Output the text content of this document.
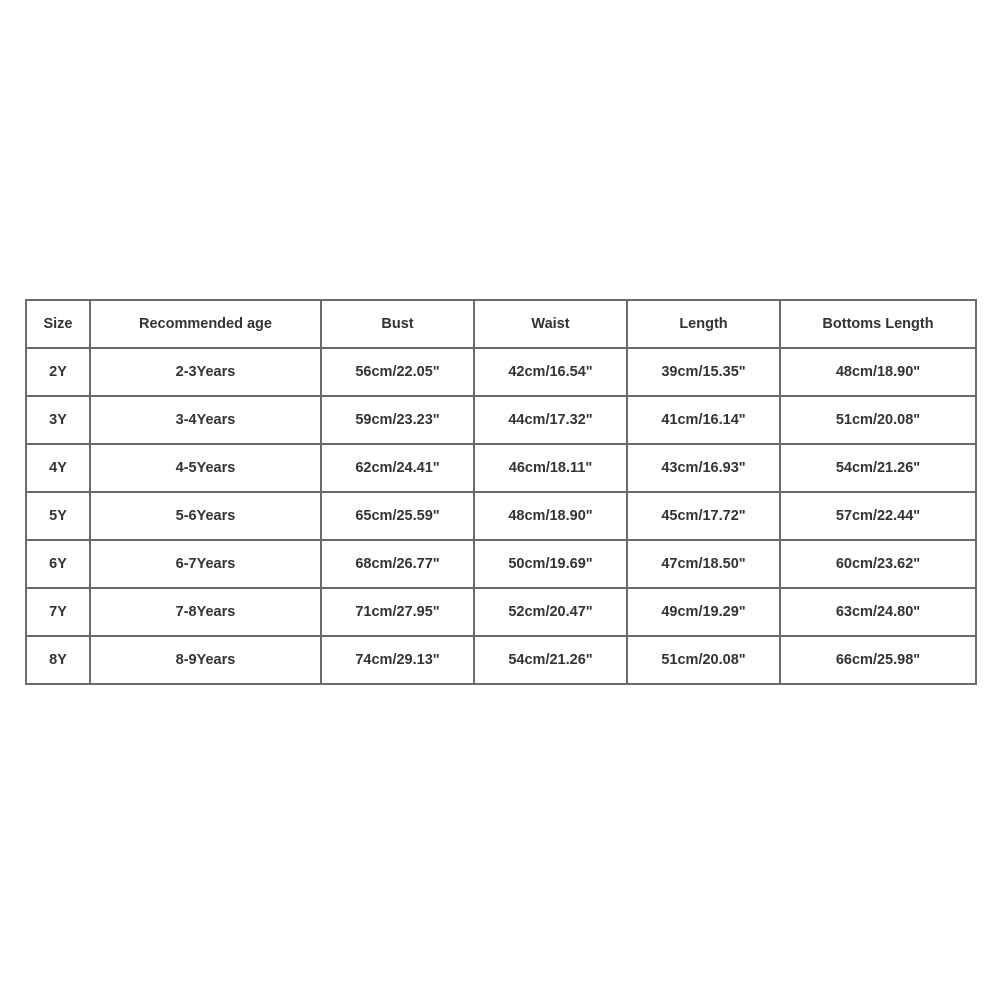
Size	Recommended age	Bust	Waist	Length	Bottoms Length
2Y	2-3Years	56cm/22.05"	42cm/16.54"	39cm/15.35"	48cm/18.90"
3Y	3-4Years	59cm/23.23"	44cm/17.32"	41cm/16.14"	51cm/20.08"
4Y	4-5Years	62cm/24.41"	46cm/18.11"	43cm/16.93"	54cm/21.26"
5Y	5-6Years	65cm/25.59"	48cm/18.90"	45cm/17.72"	57cm/22.44"
6Y	6-7Years	68cm/26.77"	50cm/19.69"	47cm/18.50"	60cm/23.62"
7Y	7-8Years	71cm/27.95"	52cm/20.47"	49cm/19.29"	63cm/24.80"
8Y	8-9Years	74cm/29.13"	54cm/21.26"	51cm/20.08"	66cm/25.98"
